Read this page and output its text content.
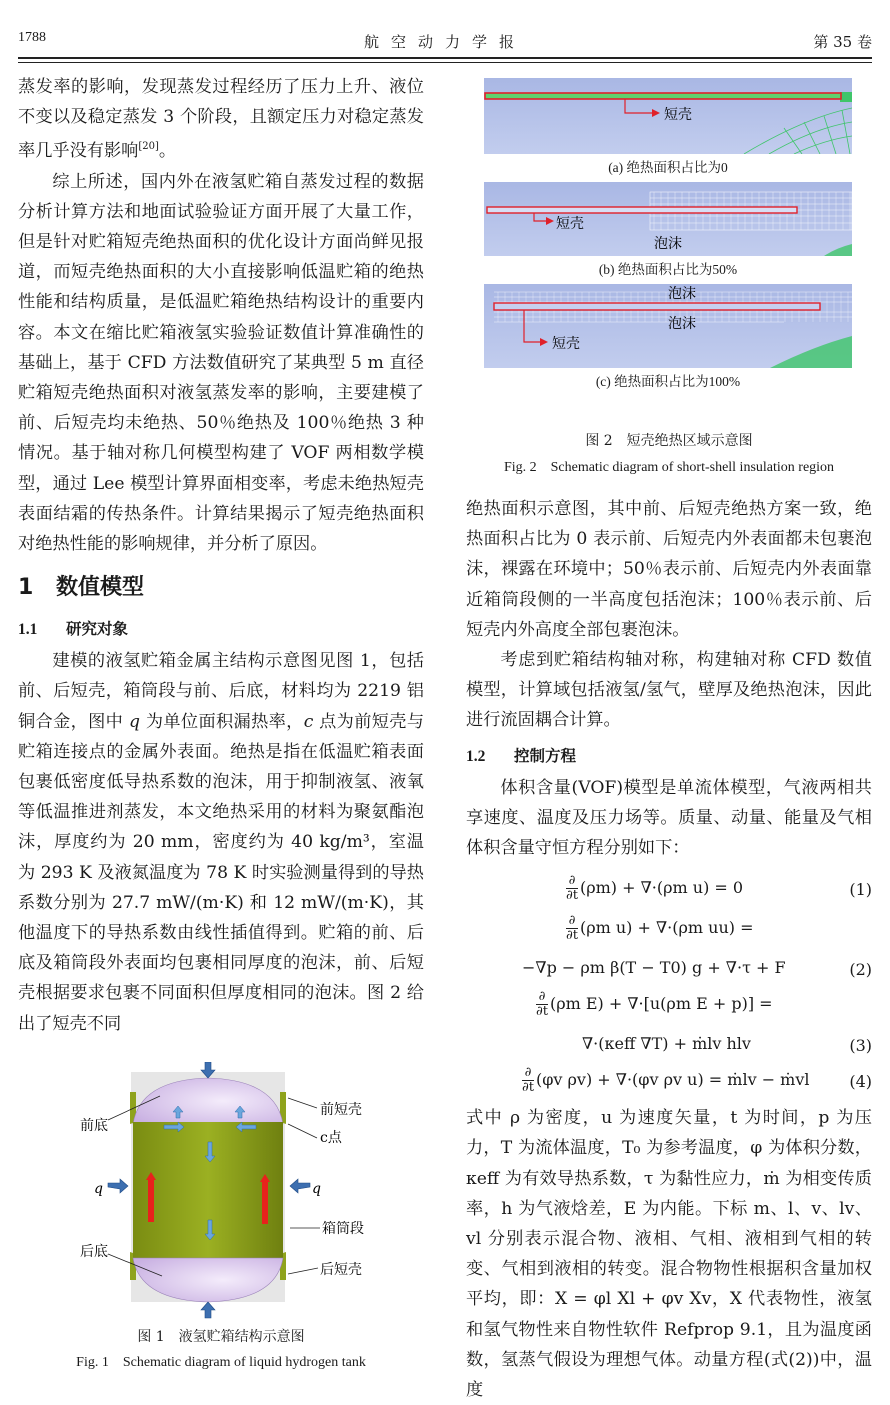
1788	航空动力学报	第 35 卷

蒸发率的影响，发现蒸发过程经历了压力上升、液位不变以及稳定蒸发 3 个阶段，且额定压力对稳定蒸发率几乎没有影响[20]。

综上所述，国内外在液氢贮箱自蒸发过程的数据分析计算方法和地面试验验证方面开展了大量工作，但是针对贮箱短壳绝热面积的优化设计方面尚鲜见报道，而短壳绝热面积的大小直接影响低温贮箱的绝热性能和结构质量，是低温贮箱绝热结构设计的重要内容。本文在缩比贮箱液氢实验验证数值计算准确性的基础上，基于 CFD 方法数值研究了某典型 5 m 直径贮箱短壳绝热面积对液氢蒸发率的影响，主要建模了前、后短壳均未绝热、50％绝热及 100％绝热 3 种情况。基于轴对称几何模型构建了 VOF 两相数学模型，通过 Lee 模型计算界面相变率，考虑未绝热短壳表面结霜的传热条件。计算结果揭示了短壳绝热面积对绝热性能的影响规律，并分析了原因。

1 数值模型
1.1 研究对象

建模的液氢贮箱金属主结构示意图见图 1，包括前、后短壳，箱筒段与前、后底，材料均为 2219 铝铜合金，图中 q 为单位面积漏热率，c 点为前短壳与贮箱连接点的金属外表面。绝热是指在低温贮箱表面包裹低密度低导热系数的泡沫，用于抑制液氢、液氧等低温推进剂蒸发，本文绝热采用的材料为聚氨酯泡沫，厚度约为 20 mm，密度约为 40 kg/m³，室温为 293 K 及液氮温度为 78 K 时实验测量得到的导热系数分别为 27.7 mW/(m·K) 和 12 mW/(m·K)，其他温度下的导热系数由线性插值得到。贮箱的前、后底及箱筒段外表面均包裹相同厚度的泡沫，前、后短壳根据要求包裹不同面积但厚度相同的泡沫。图 2 给出了短壳不同

前底
前短壳
c点
q	q
箱筒段
后底
后短壳
图 1　液氢贮箱结构示意图
Fig. 1　Schematic diagram of liquid hydrogen tank
短壳
(a) 绝热面积占比为0
短壳
泡沫
(b) 绝热面积占比为50%
泡沫
泡沫
短壳
(c) 绝热面积占比为100%
图 2　短壳绝热区域示意图
Fig. 2　Schematic diagram of short-shell insulation region

绝热面积示意图，其中前、后短壳绝热方案一致，绝热面积占比为 0 表示前、后短壳内外表面都未包裹泡沫，裸露在环境中；50％表示前、后短壳内外表面靠近箱筒段侧的一半高度包括泡沫；100％表示前、后短壳内外高度全部包裹泡沫。

考虑到贮箱结构轴对称，构建轴对称 CFD 数值模型，计算域包括液氢/氢气，壁厚及绝热泡沫，因此进行流固耦合计算。

1.2 控制方程

体积含量(VOF)模型是单流体模型，气液两相共享速度、温度及压力场等。质量、动量、能量及气相体积含量守恒方程分别如下：

$\frac{\partial}{\partial t} (\rho m) + \nabla\cdot(\rho m$ u) = 0	(1)
$\frac{\partial}{\partial t} (\rho m$ u) + ∇·(ρm uu) =
−∇p − ρm β(T − T0) g + ∇·τ + F	(2)
$\frac{\partial}{\partial t} (\rho m$ E) + ∇·[u(ρm E + p)] =
∇·(κeff ∇T) + ṁlv hlv	(3)
$\frac{\partial}{\partial t} (\varphi v$ ρv) + ∇·(φv ρv u) = ṁlv − ṁvl (4)

式中 ρ 为密度，u 为速度矢量，t 为时间，p 为压力，T 为流体温度，T₀ 为参考温度，φ 为体积分数，κeff 为有效导热系数，τ 为黏性应力，ṁ 为相变传质率，h 为气液焓差，E 为内能。下标 m、l、v、lv、vl 分别表示混合物、液相、气相、液相到气相的转变、气相到液相的转变。混合物物性根据积含量加权平均，即：X = φl Xl + φv Xv，X 代表物性，液氢和氢气物性来自物性软件 Refprop 9.1，且为温度函数，氢蒸气假设为理想气体。动量方程(式(2))中，温度
